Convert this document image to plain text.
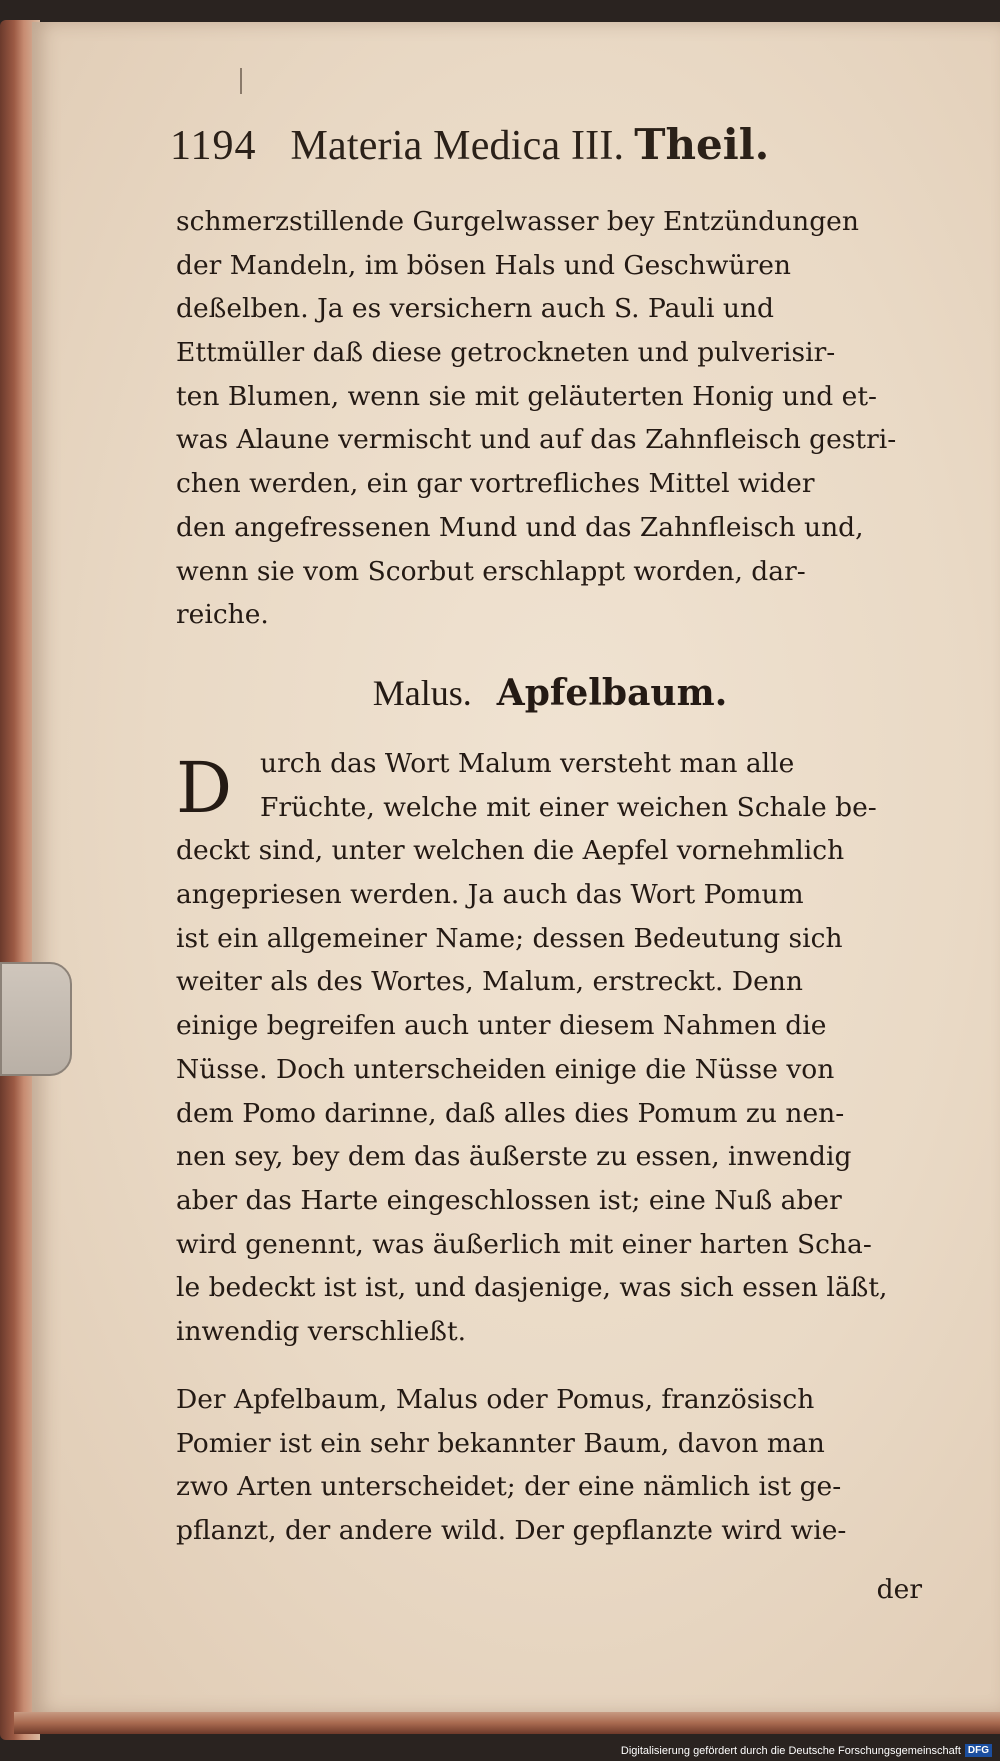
1194 Materia Medica III. Theil.
schmerzstillende Gurgelwasser bey Entzündungen
der Mandeln, im bösen Hals und Geschwüren
deßelben. Ja es versichern auch S. Pauli und
Ettmüller daß diese getrockneten und pulverisir-
ten Blumen, wenn sie mit geläuterten Honig und et-
was Alaune vermischt und auf das Zahnfleisch gestri-
chen werden, ein gar vortrefliches Mittel wider
den angefressenen Mund und das Zahnfleisch und,
wenn sie vom Scorbut erschlappt worden, dar-
reiche.
Malus. Apfelbaum.
D	urch das Wort Malum versteht man alle
Früchte, welche mit einer weichen Schale be-
deckt sind, unter welchen die Aepfel vornehmlich
angepriesen werden. Ja auch das Wort Pomum
ist ein allgemeiner Name; dessen Bedeutung sich
weiter als des Wortes, Malum, erstreckt. Denn
einige begreifen auch unter diesem Nahmen die
Nüsse. Doch unterscheiden einige die Nüsse von
dem Pomo darinne, daß alles dies Pomum zu nen-
nen sey, bey dem das äußerste zu essen, inwendig
aber das Harte eingeschlossen ist; eine Nuß aber
wird genennt, was äußerlich mit einer harten Scha-
le bedeckt ist ist, und dasjenige, was sich essen läßt,
inwendig verschließt.
Der Apfelbaum, Malus oder Pomus, französisch
Pomier ist ein sehr bekannter Baum, davon man
zwo Arten unterscheidet; der eine nämlich ist ge-
pflanzt, der andere wild. Der gepflanzte wird wie-
der
Digitalisierung gefördert durch die Deutsche Forschungsgemeinschaft DFG
